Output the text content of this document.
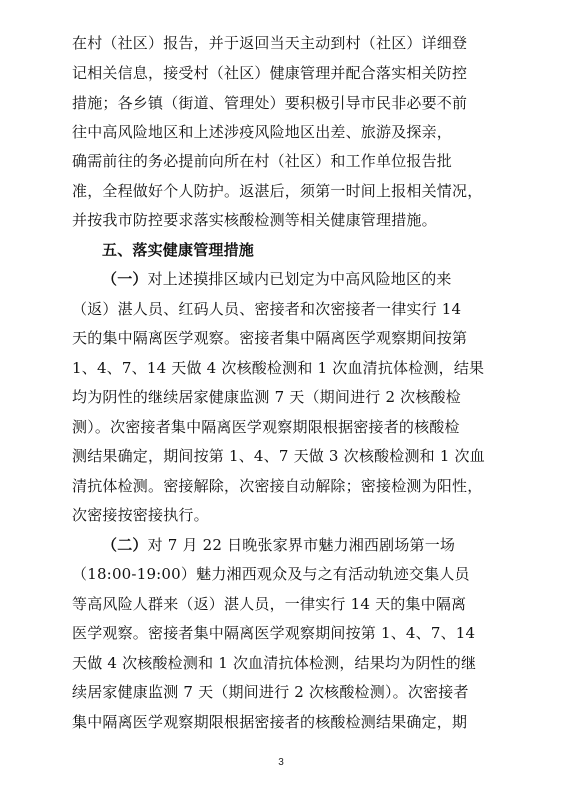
在村（社区）报告，并于返回当天主动到村（社区）详细登
记相关信息，接受村（社区）健康管理并配合落实相关防控
措施；各乡镇（街道、管理处）要积极引导市民非必要不前
往中高风险地区和上述涉疫风险地区出差、旅游及探亲，
确需前往的务必提前向所在村（社区）和工作单位报告批
准，全程做好个人防护。返湛后，须第一时间上报相关情况，
并按我市防控要求落实核酸检测等相关健康管理措施。
五、落实健康管理措施
（一）对上述摸排区域内已划定为中高风险地区的来
（返）湛人员、红码人员、密接者和次密接者一律实行 14
天的集中隔离医学观察。密接者集中隔离医学观察期间按第
1、4、7、14 天做 4 次核酸检测和 1 次血清抗体检测，结果
均为阴性的继续居家健康监测 7 天（期间进行 2 次核酸检
测）。次密接者集中隔离医学观察期限根据密接者的核酸检
测结果确定，期间按第 1、4、7 天做 3 次核酸检测和 1 次血
清抗体检测。密接解除，次密接自动解除；密接检测为阳性，
次密接按密接执行。
（二）对 7 月 22 日晚张家界市魅力湘西剧场第一场
（18:00-19:00）魅力湘西观众及与之有活动轨迹交集人员
等高风险人群来（返）湛人员，一律实行 14 天的集中隔离
医学观察。密接者集中隔离医学观察期间按第 1、4、7、14
天做 4 次核酸检测和 1 次血清抗体检测，结果均为阴性的继
续居家健康监测 7 天（期间进行 2 次核酸检测）。次密接者
集中隔离医学观察期限根据密接者的核酸检测结果确定，期
3
